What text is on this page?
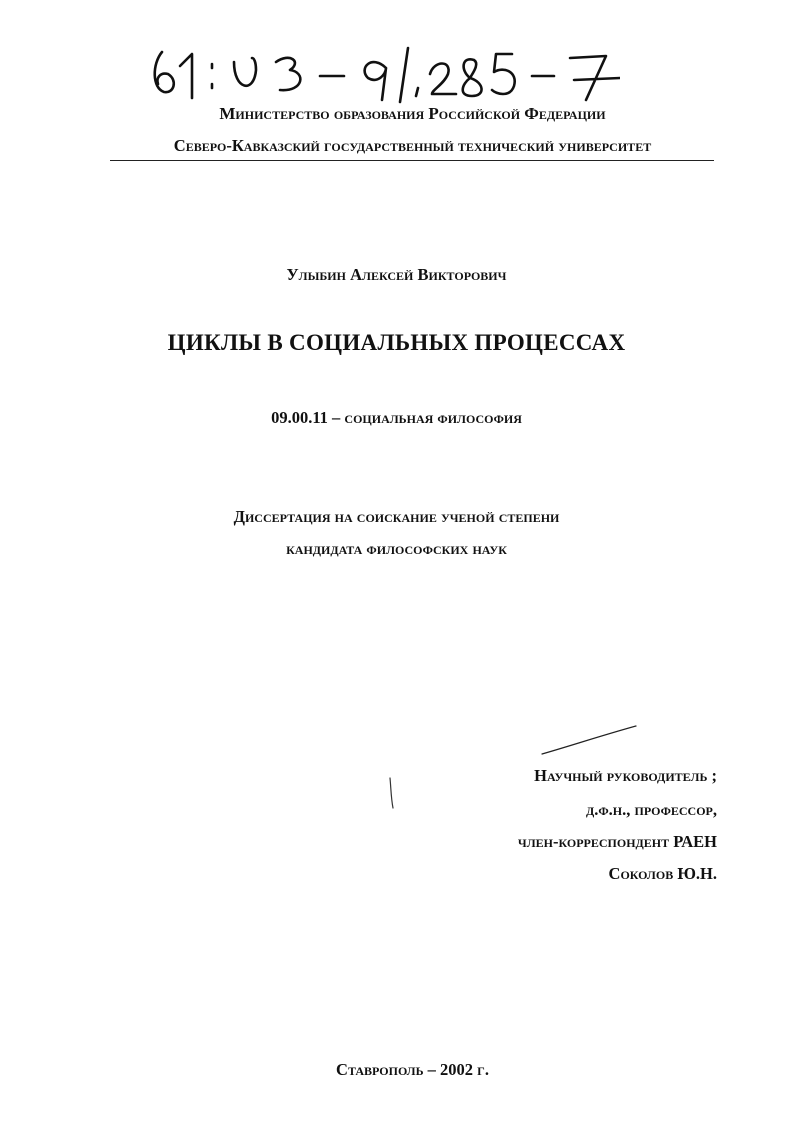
Министерство образования Российской Федерации
Северо-Кавказский государственный технический университет
Улыбин Алексей Викторович
ЦИКЛЫ В СОЦИАЛЬНЫХ ПРОЦЕССАХ
09.00.11 – социальная философия
Диссертация на соискание ученой степени
кандидата философских наук
Научный руководитель ;
д.ф.н., профессор,
член-корреспондент РАЕН
Соколов Ю.Н.
Ставрополь – 2002 г.
